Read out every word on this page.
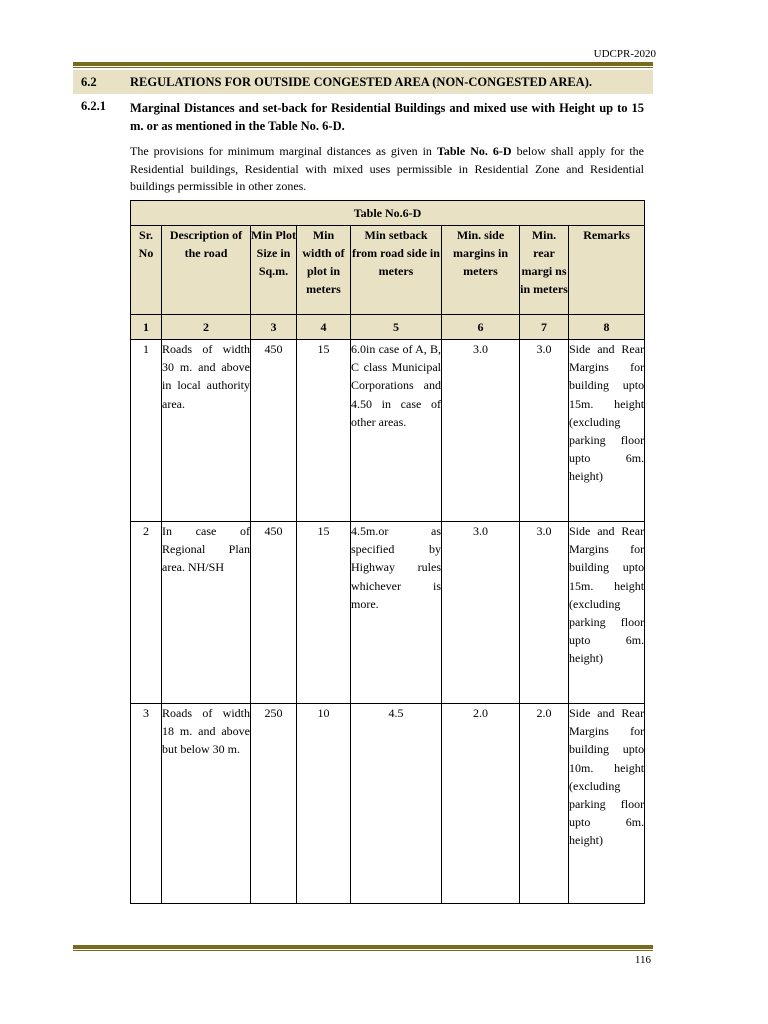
UDCPR-2020
6.2	REGULATIONS FOR OUTSIDE CONGESTED AREA (NON-CONGESTED AREA).
6.2.1 Marginal Distances and set-back for Residential Buildings and mixed use with Height up to 15 m. or as mentioned in the Table No. 6-D.
The provisions for minimum marginal distances as given in Table No. 6-D below shall apply for the Residential buildings, Residential with mixed uses permissible in Residential Zone and Residential buildings permissible in other zones.
Table No.6-D							
Sr. No	Description of the road	Min Plot Size in Sq.m.	Min width of plot in meters	Min setback from road side in meters	Min. side margins in meters	Min. rear margi ns in meters	Remarks
1	2	3	4	5	6	7	8
1	Roads of width 30 m. and above in local authority area.	450	15	6.0in case of A, B, C class Municipal Corporations and 4.50 in case of other areas.	3.0	3.0	Side and Rear Margins for building upto 15m. height (excluding parking floor upto 6m. height)
2	In case of Regional Plan area. NH/SH	450	15	4.5m.or as specified by Highway rules whichever is more.	3.0	3.0	Side and Rear Margins for building upto 15m. height (excluding parking floor upto 6m. height)
3	Roads of width 18 m. and above but below 30 m.	250	10	4.5	2.0	2.0	Side and Rear Margins for building upto 10m. height (excluding parking floor upto 6m. height)
116
